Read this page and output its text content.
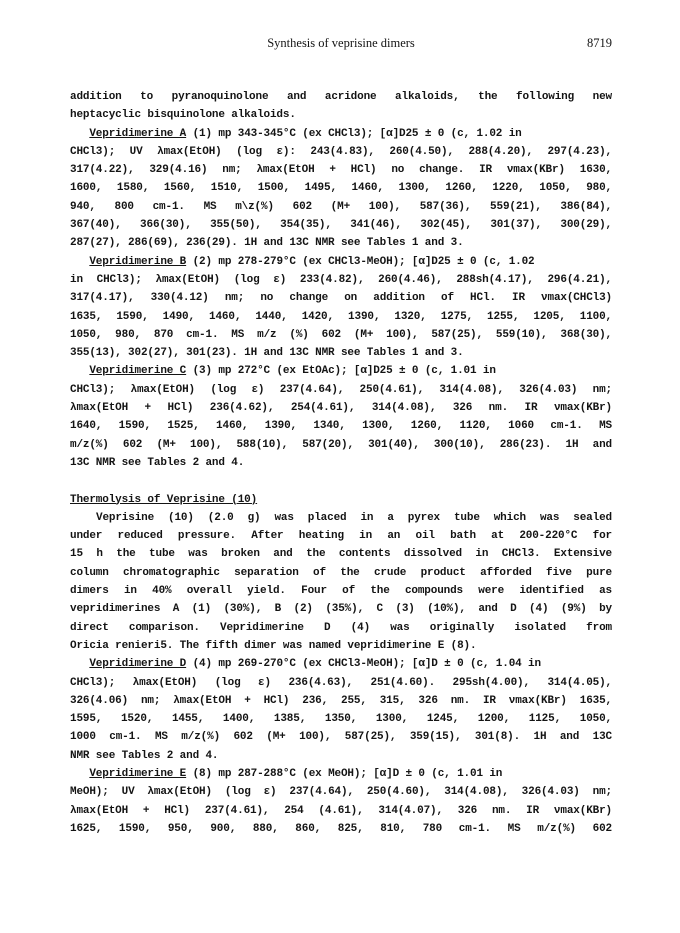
Synthesis of veprisine dimers	8719
addition to pyranoquinolone and acridone alkaloids, the following new
heptacyclic bisquinolone alkaloids.
Vepridimerine A (1) mp 343-345°C (ex CHCl3); [α]D25 ± 0 (c, 1.02 in
CHCl3); UV λmax(EtOH) (log ε): 243(4.83), 260(4.50), 288(4.20), 297(4.23),
317(4.22), 329(4.16) nm; λmax(EtOH + HCl) no change. IR νmax(KBr) 1630,
1600, 1580, 1560, 1510, 1500, 1495, 1460, 1300, 1260, 1220, 1050, 980,
940, 800 cm-1. MS m\z(%) 602 (M+ 100), 587(36), 559(21), 386(84),
367(40), 366(30), 355(50), 354(35), 341(46), 302(45), 301(37), 300(29),
287(27), 286(69), 236(29). 1H and 13C NMR see Tables 1 and 3.
Vepridimerine B (2) mp 278-279°C (ex CHCl3-MeOH); [α]D25 ± 0 (c, 1.02
in CHCl3); λmax(EtOH) (log ε) 233(4.82), 260(4.46), 288sh(4.17), 296(4.21),
317(4.17), 330(4.12) nm; no change on addition of HCl. IR νmax(CHCl3)
1635, 1590, 1490, 1460, 1440, 1420, 1390, 1320, 1275, 1255, 1205, 1100,
1050, 980, 870 cm-1. MS m/z (%) 602 (M+ 100), 587(25), 559(10), 368(30),
355(13), 302(27), 301(23). 1H and 13C NMR see Tables 1 and 3.
Vepridimerine C (3) mp 272°C (ex EtOAc); [α]D25 ± 0 (c, 1.01 in
CHCl3); λmax(EtOH) (log ε) 237(4.64), 250(4.61), 314(4.08), 326(4.03) nm;
λmax(EtOH + HCl) 236(4.62), 254(4.61), 314(4.08), 326 nm. IR νmax(KBr)
1640, 1590, 1525, 1460, 1390, 1340, 1300, 1260, 1120, 1060 cm-1. MS
m/z(%) 602 (M+ 100), 588(10), 587(20), 301(40), 300(10), 286(23). 1H and
13C NMR see Tables 2 and 4.
Thermolysis of Veprisine (10)
Veprisine (10) (2.0 g) was placed in a pyrex tube which was sealed
under reduced pressure. After heating in an oil bath at 200-220°C for
15 h the tube was broken and the contents dissolved in CHCl3. Extensive
column chromatographic separation of the crude product afforded five pure
dimers in 40% overall yield. Four of the compounds were identified as
vepridimerines A (1) (30%), B (2) (35%), C (3) (10%), and D (4) (9%) by
direct comparison. Vepridimerine D (4) was originally isolated from
Oricia renieri5. The fifth dimer was named vepridimerine E (8).
Vepridimerine D (4) mp 269-270°C (ex CHCl3-MeOH); [α]D ± 0 (c, 1.04 in
CHCl3); λmax(EtOH) (log ε) 236(4.63), 251(4.60). 295sh(4.00), 314(4.05),
326(4.06) nm; λmax(EtOH + HCl) 236, 255, 315, 326 nm. IR νmax(KBr) 1635,
1595, 1520, 1455, 1400, 1385, 1350, 1300, 1245, 1200, 1125, 1050,
1000 cm-1. MS m/z(%) 602 (M+ 100), 587(25), 359(15), 301(8). 1H and 13C
NMR see Tables 2 and 4.
Vepridimerine E (8) mp 287-288°C (ex MeOH); [α]D ± 0 (c, 1.01 in
MeOH); UV λmax(EtOH) (log ε) 237(4.64), 250(4.60), 314(4.08), 326(4.03) nm;
λmax(EtOH + HCl) 237(4.61), 254 (4.61), 314(4.07), 326 nm. IR νmax(KBr)
1625, 1590, 950, 900, 880, 860, 825, 810, 780 cm-1. MS m/z(%) 602
